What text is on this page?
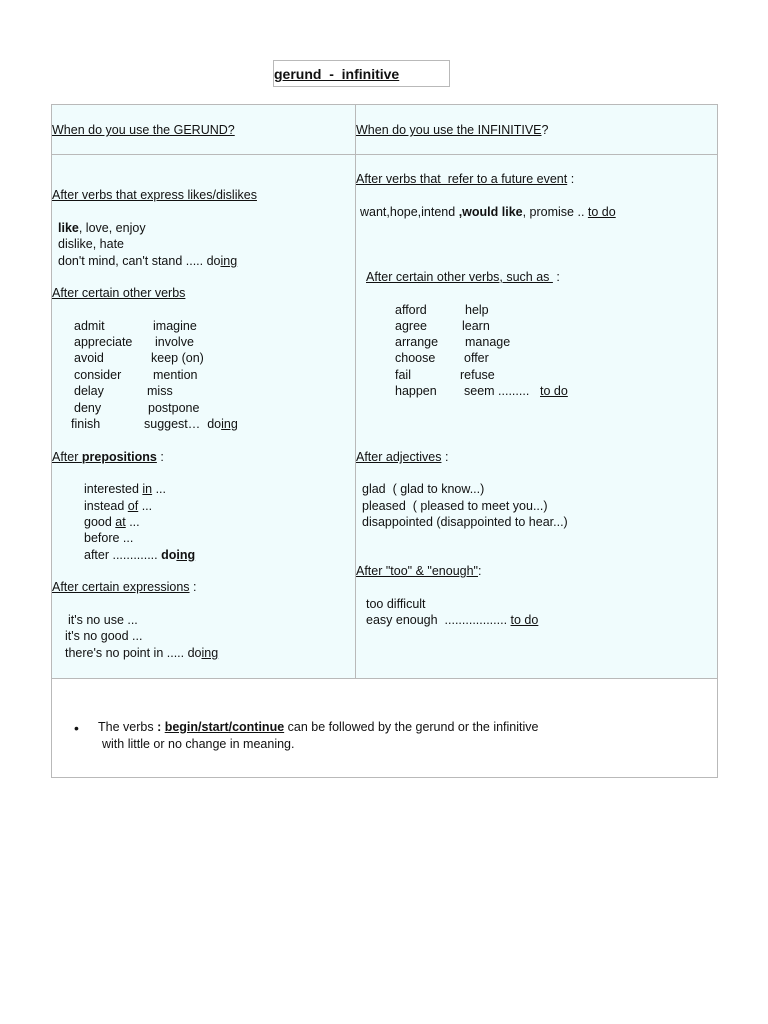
gerund  -  infinitive
When do you use the GERUND?	When do you use the INFINITIVE?
After verbs that express likes/dislikes
like, love, enjoy
dislike, hate
don't mind, can't stand ..... doing
After certain other verbs
admit
appreciate
avoid
consider
delay
deny
finish
imagine
involve
keep (on)
mention
miss
postpone
suggest…  doing
After prepositions :
interested in ...
instead of ...
good at ...
before ...
after ............. doing
After certain expressions :
it's no use ...
it's no good ...
there's no point in ..... doing
After verbs that  refer to a future event :
want,hope,intend ,would like, promise .. to do
After certain other verbs, such as  :
afford
agree
arrange
choose
fail
happen
help
learn
manage
offer
refuse
seem ......... to do
After adjectives :
glad  ( glad to know...)
pleased  ( pleased to meet you...)
disappointed (disappointed to hear...)
After "too" & "enough":
too difficult
easy enough  .................. to do
• The verbs : begin/start/continue can be followed by the gerund or the infinitive
with little or no change in meaning.
